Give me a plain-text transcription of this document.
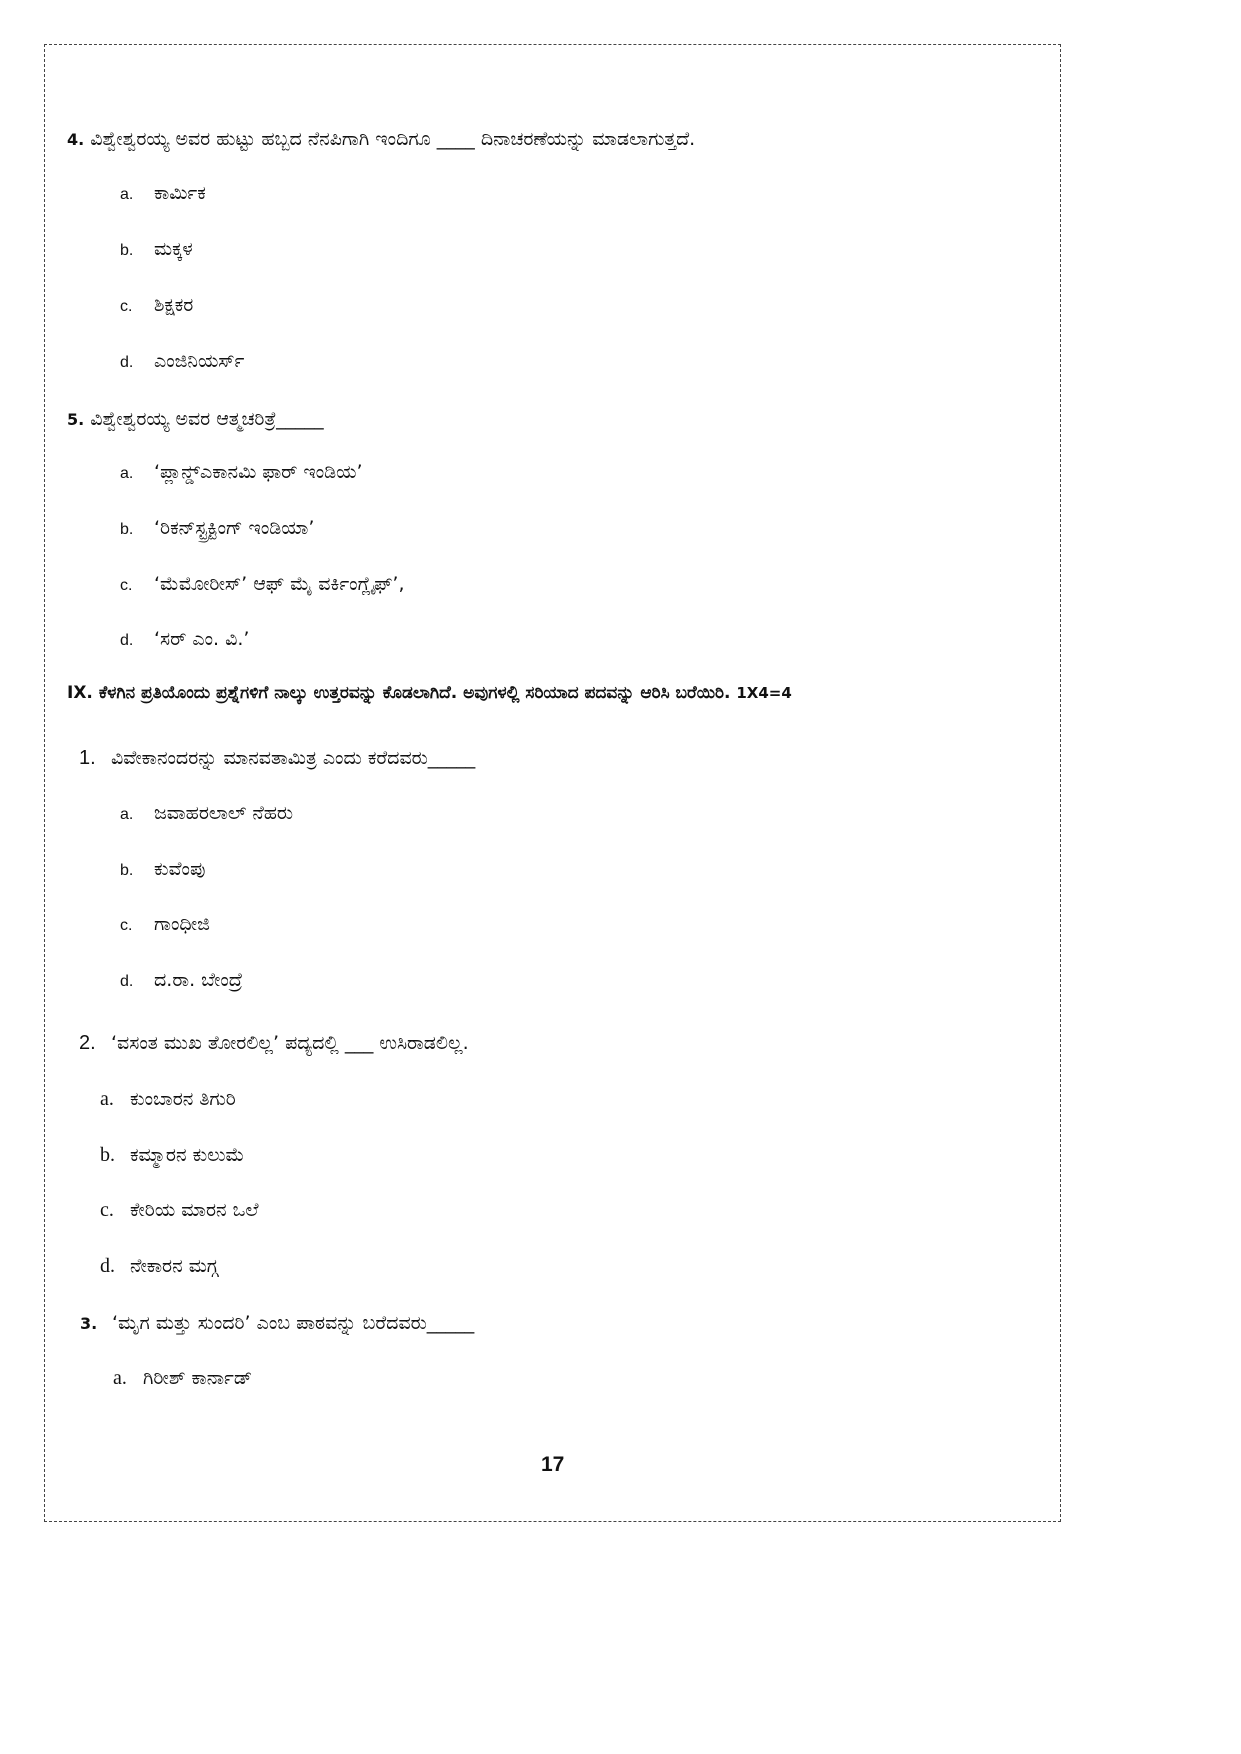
4. ವಿಶ್ವೇಶ್ವರಯ್ಯ ಅವರ ಹುಟ್ಟು ಹಬ್ಬದ ನೆನಪಿಗಾಗಿ ಇಂದಿಗೂ ____ ದಿನಾಚರಣೆಯನ್ನು ಮಾಡಲಾಗುತ್ತದೆ.
a. ಕಾರ್ಮಿಕ
b. ಮಕ್ಕಳ
c. ಶಿಕ್ಷಕರ
d. ಎಂಜಿನಿಯರ್ಸ್
5. ವಿಶ್ವೇಶ್ವರಯ್ಯ ಅವರ ಆತ್ಮಚರಿತ್ರೆ_____
a. ‘ಪ್ಲಾನ್ಡ್ಎಕಾನಮಿ ಫಾರ್ ಇಂಡಿಯ’
b. ‘ರಿಕನ್‌ಸ್ಟ್ರಕ್ಟಿಂಗ್ ಇಂಡಿಯಾ’
c. ‘ಮೆಮೋರೀಸ್’ ಆಫ್ ಮೈ ವರ್ಕಿಂಗ್ಲೈಫ್’,
d. ‘ಸರ್ ಎಂ. ವಿ.’
IX. ಕೆಳಗಿನ ಪ್ರತಿಯೊಂದು ಪ್ರಶ್ನೆಗಳಿಗೆ ನಾಲ್ಕು ಉತ್ತರವನ್ನು ಕೊಡಲಾಗಿದೆ. ಅವುಗಳಲ್ಲಿ ಸರಿಯಾದ ಪದವನ್ನು ಆರಿಸಿ ಬರೆಯಿರಿ. 1X4=4
1. ವಿವೇಕಾನಂದರನ್ನು ಮಾನವತಾಮಿತ್ರ ಎಂದು ಕರೆದವರು_____
a. ಜವಾಹರಲಾಲ್ ನೆಹರು
b. ಕುವೆಂಪು
c. ಗಾಂಧೀಜಿ
d. ದ.ರಾ. ಬೇಂದ್ರೆ
2. ‘ವಸಂತ ಮುಖ ತೋರಲಿಲ್ಲ’ ಪದ್ಯದಲ್ಲಿ ___ ಉಸಿರಾಡಲಿಲ್ಲ.
a. ಕುಂಬಾರನ ತಿಗುರಿ
b. ಕಮ್ಮಾರನ ಕುಲುಮೆ
c. ಕೇರಿಯ ಮಾರನ ಒಲೆ
d. ನೇಕಾರನ ಮಗ್ಗ
3. ‘ಮೃಗ ಮತ್ತು ಸುಂದರಿ’ ಎಂಬ ಪಾಠವನ್ನು ಬರೆದವರು_____
a. ಗಿರೀಶ್ ಕಾರ್ನಾಡ್
17
